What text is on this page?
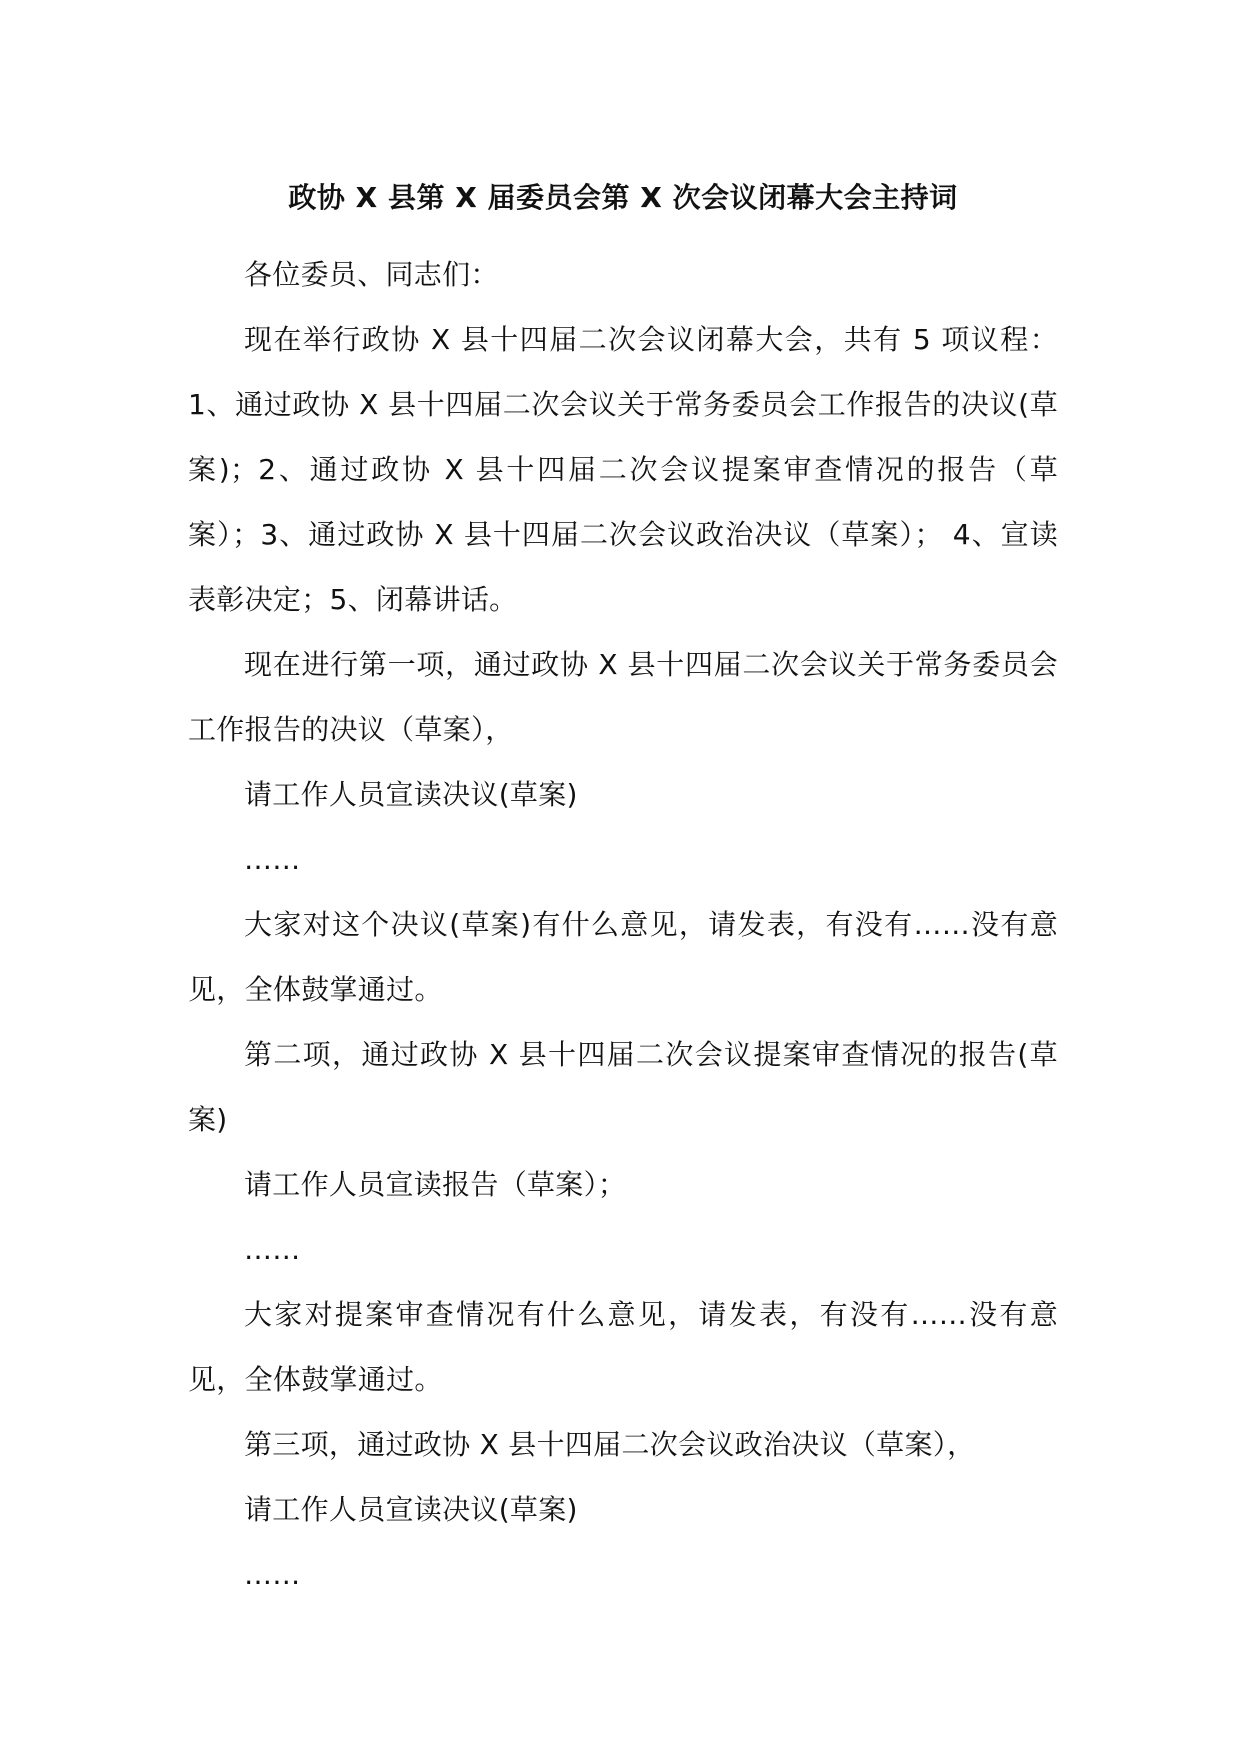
政协 X 县第 X 届委员会第 X 次会议闭幕大会主持词

各位委员、同志们：

现在举行政协 X 县十四届二次会议闭幕大会，共有 5 项议程：1、通过政协 X 县十四届二次会议关于常务委员会工作报告的决议(草案)；2、通过政协 X 县十四届二次会议提案审查情况的报告（草案）；3、通过政协 X 县十四届二次会议政治决议（草案）； 4、宣读表彰决定；5、闭幕讲话。

现在进行第一项，通过政协 X 县十四届二次会议关于常务委员会工作报告的决议（草案），

请工作人员宣读决议(草案)

……

大家对这个决议(草案)有什么意见，请发表，有没有……没有意见，全体鼓掌通过。

第二项，通过政协 X 县十四届二次会议提案审查情况的报告(草案)

请工作人员宣读报告（草案）；

……

大家对提案审查情况有什么意见，请发表，有没有……没有意见，全体鼓掌通过。

第三项，通过政协 X 县十四届二次会议政治决议（草案），

请工作人员宣读决议(草案)

……
